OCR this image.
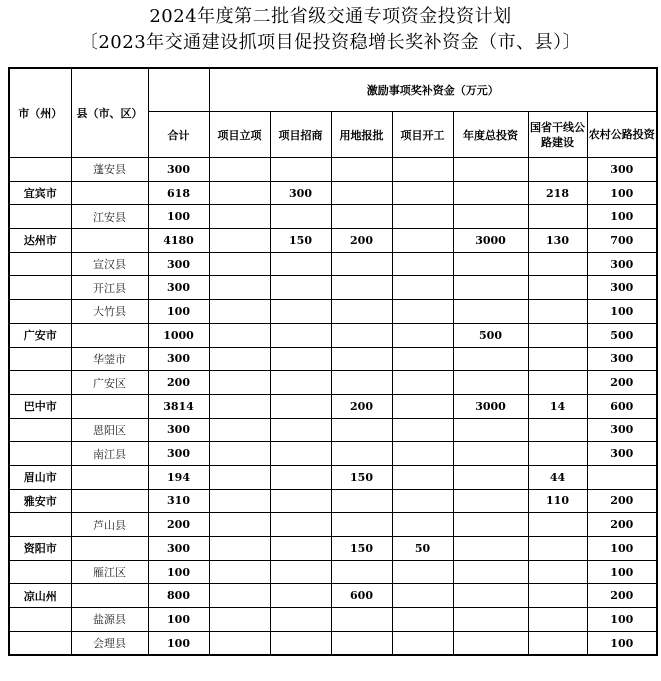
2024年度第二批省级交通专项资金投资计划
〔2023年交通建设抓项目促投资稳增长奖补资金（市、县）〕
市（州）	县（市、区）		激励事项奖补资金（万元）						
		合计	项目立项	项目招商	用地报批	项目开工	年度总投资	国省干线公路建设	农村公路投资
	蓬安县	300							300
宜宾市		618		300				218	100
	江安县	100							100
达州市		4180		150	200		3000	130	700
	宣汉县	300							300
	开江县	300							300
	大竹县	100							100
广安市		1000					500		500
	华蓥市	300							300
	广安区	200							200
巴中市		3814			200		3000	14	600
	恩阳区	300							300
	南江县	300							300
眉山市		194			150			44	
雅安市		310						110	200
	芦山县	200							200
资阳市		300			150	50			100
	雁江区	100							100
凉山州		800			600				200
	盐源县	100							100
	会理县	100							100
